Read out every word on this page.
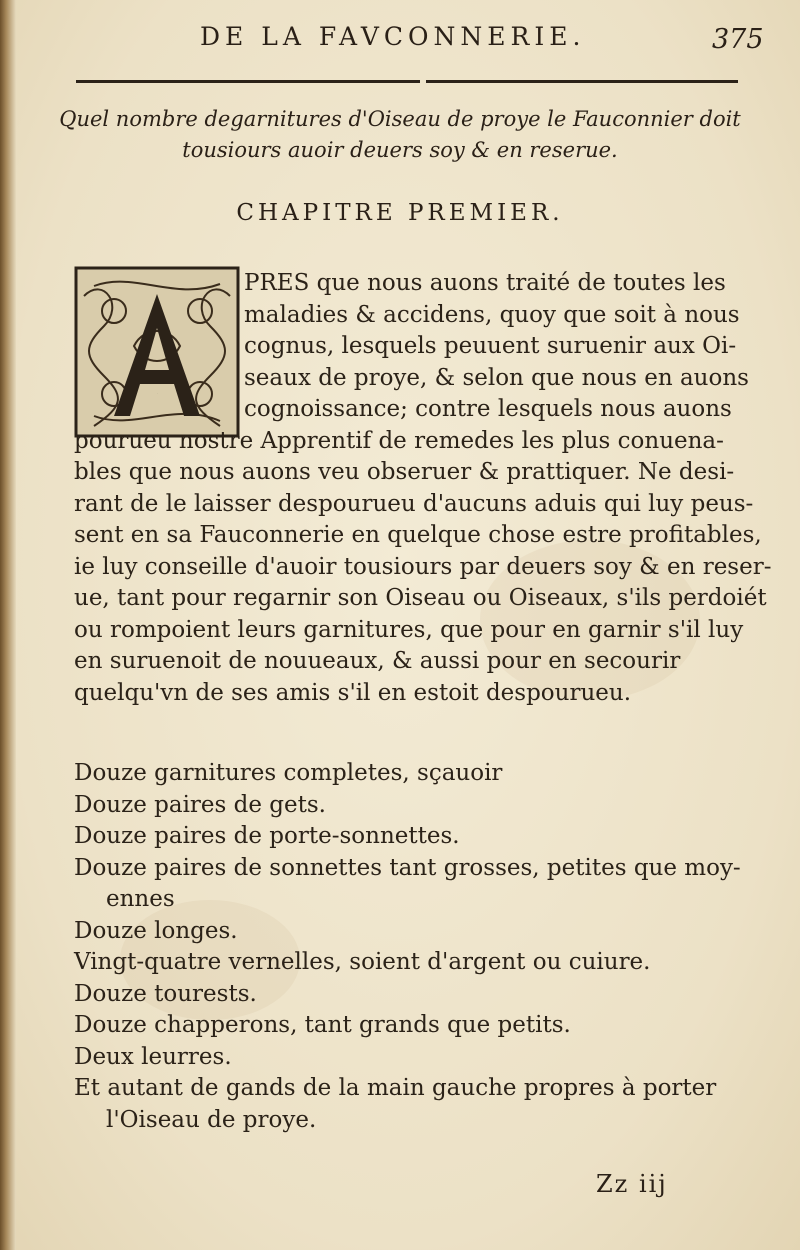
DE LA FAVCONNERIE.	375
Quel nombre degarnitures d'Oiseau de proye le Fauconnier doit
tousiours auoir deuers soy & en reserue.
CHAPITRE PREMIER.
A
PRES que nous auons traité de toutes les
maladies & accidens, quoy que soit à nous
cognus, lesquels peuuent suruenir aux Oi-
seaux de proye, & selon que nous en auons
cognoissance; contre lesquels nous auons
pourueu nostre Apprentif de remedes les plus conuena-
bles que nous auons veu obseruer & prattiquer. Ne desi-
rant de le laisser despourueu d'aucuns aduis qui luy peus-
sent en sa Fauconnerie en quelque chose estre profitables,
ie luy conseille d'auoir tousiours par deuers soy & en reser-
ue, tant pour regarnir son Oiseau ou Oiseaux, s'ils perdoiét
ou rompoient leurs garnitures, que pour en garnir s'il luy
en suruenoit de nouueaux, & aussi pour en secourir
quelqu'vn de ses amis s'il en estoit despourueu.
Douze garnitures completes, sçauoir
Douze paires de gets.
Douze paires de porte-sonnettes.
Douze paires de sonnettes tant grosses, petites que moy-
ennes
Douze longes.
Vingt-quatre vernelles, soient d'argent ou cuiure.
Douze tourests.
Douze chapperons, tant grands que petits.
Deux leurres.
Et autant de gands de la main gauche propres à porter
l'Oiseau de proye.
Zz iij
